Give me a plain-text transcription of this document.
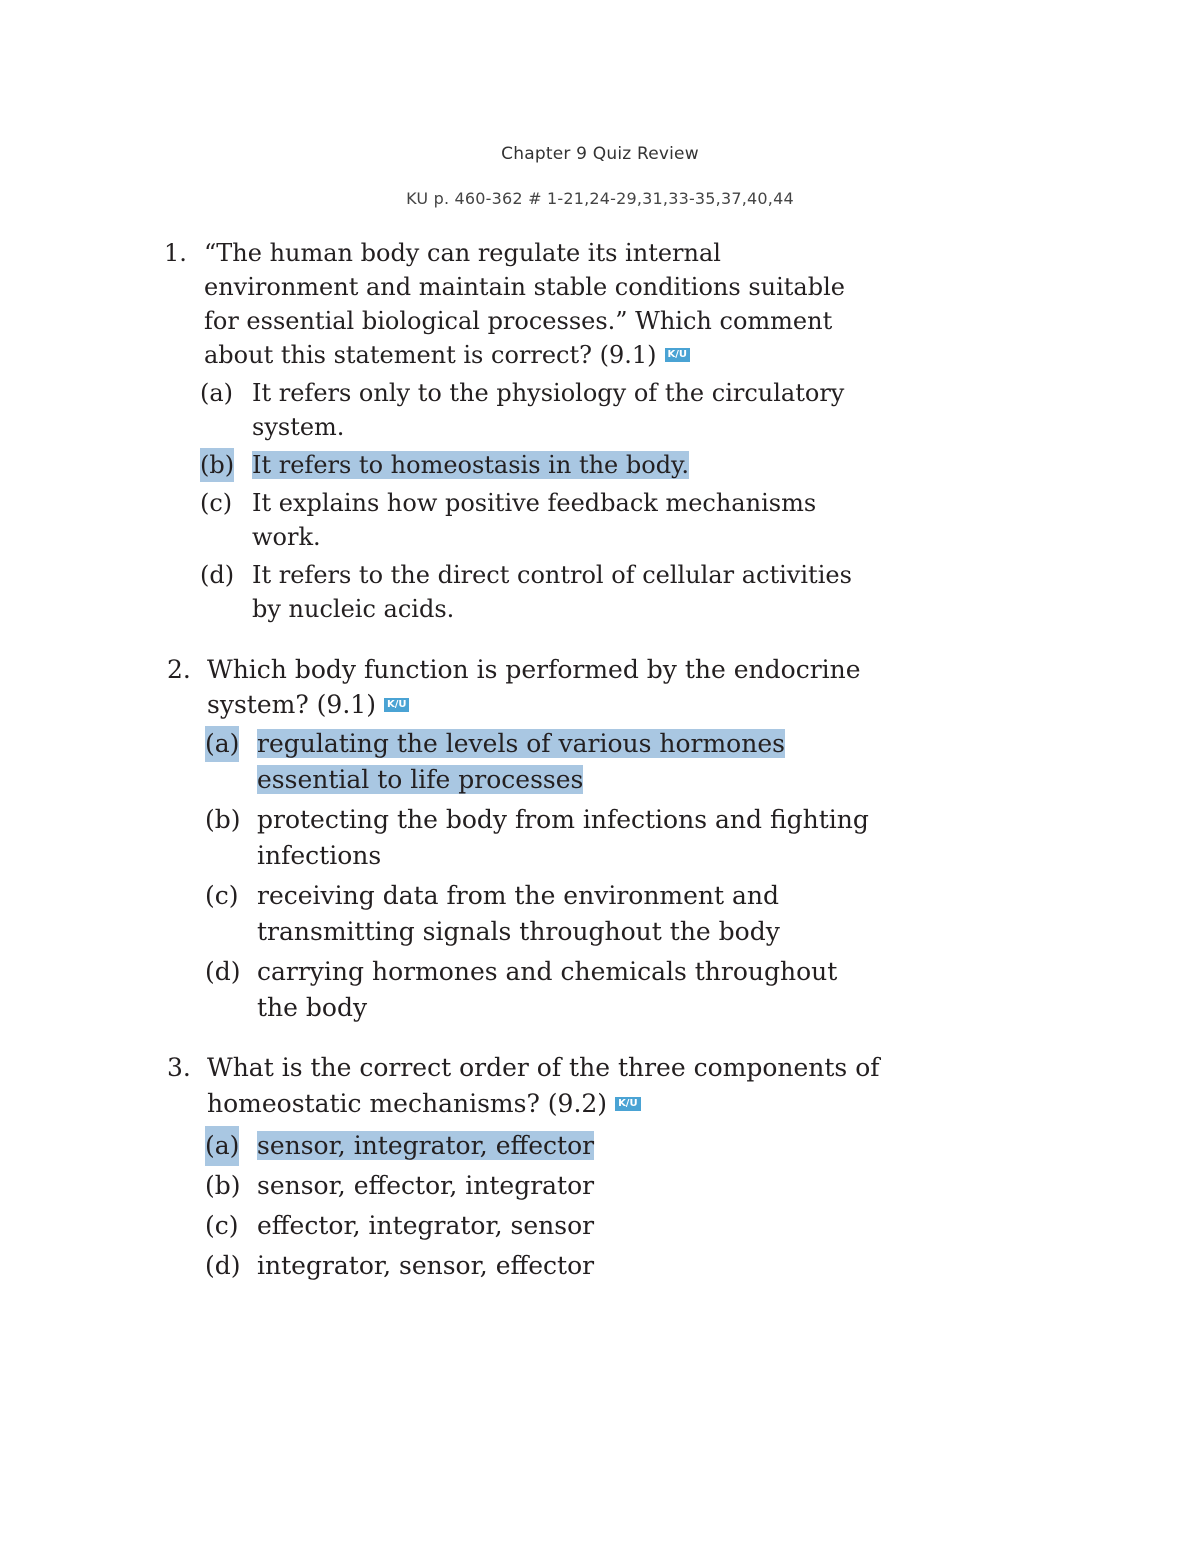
Chapter 9 Quiz Review
KU p. 460-362 # 1-21,24-29,31,33-35,37,40,44
1. “The human body can regulate its internal
environment and maintain stable conditions suitable
for essential biological processes.” Which comment
about this statement is correct? (9.1) K/U
(a) It refers only to the physiology of the circulatory
system.
(b) It refers to homeostasis in the body.
(c) It explains how positive feedback mechanisms
work.
(d) It refers to the direct control of cellular activities
by nucleic acids.
2. Which body function is performed by the endocrine
system? (9.1) K/U
(a) regulating the levels of various hormones
essential to life processes
(b) protecting the body from infections and fighting
infections
(c) receiving data from the environment and
transmitting signals throughout the body
(d) carrying hormones and chemicals throughout
the body
3. What is the correct order of the three components of
homeostatic mechanisms? (9.2) K/U
(a) sensor, integrator, effector
(b) sensor, effector, integrator
(c) effector, integrator, sensor
(d) integrator, sensor, effector
